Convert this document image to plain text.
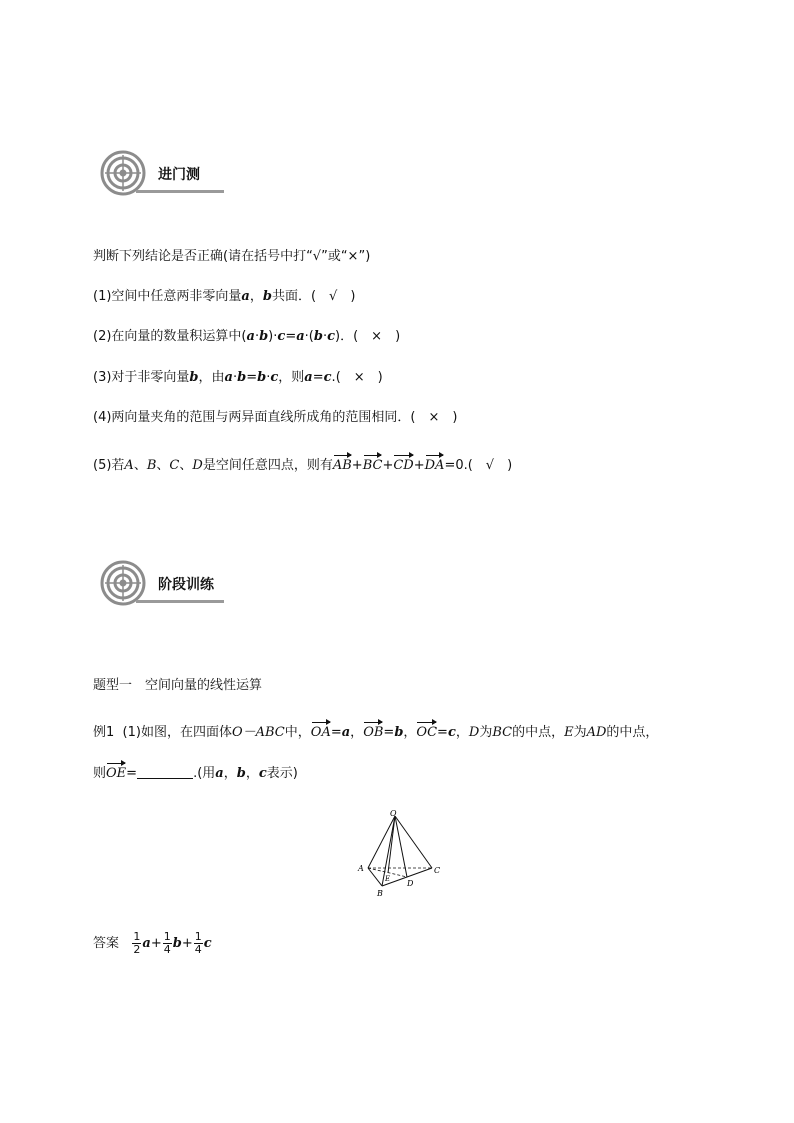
进门测
判断下列结论是否正确(请在括号中打“√”或“×”)
(1)空间中任意两非零向量a，b共面．(　√　)
(2)在向量的数量积运算中(a·b)·c=a·(b·c)．(　×　)
(3)对于非零向量b，由a·b=b·c，则a=c.(　×　)
(4)两向量夹角的范围与两异面直线所成角的范围相同．(　×　)
(5)若A、B、C、D是空间任意四点，则有AB+BC+CD+DA=0.(　√　)
阶段训练
题型一　空间向量的线性运算
例1 (1)如图，在四面体O－ABC中，OA=a，OB=b，OC=c，D为BC的中点，E为AD的中点，
则OE=	.(用a，b，c表示)
O
A
B
C
D
E
答案 $\frac{1}{2} a+ \frac{1}{4} b+ \frac{1}{4}$ c
